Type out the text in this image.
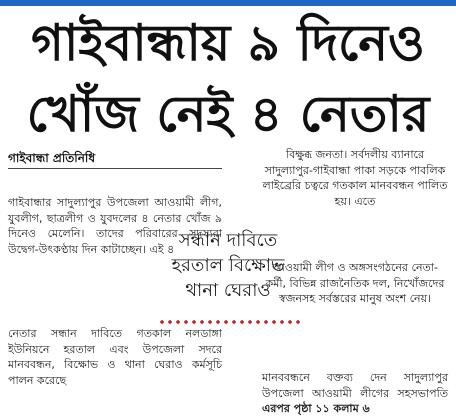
গাইবান্ধায় ৯ দিনেও
খোঁজ নেই ৪ নেতার
গাইবান্ধা প্রতিনিধি
গাইবান্ধার সাদুল্যাপুর উপজেলা আওয়ামী লীগ, যুবলীগ, ছাত্রলীগ ও যুবদলের ৪ নেতার খোঁজ ৯ দিনেও মেলেনি। তাদের পরিবারের সদস্যরা উদ্বেগ-উৎকণ্ঠায় দিন কাটাচ্ছেন। এই ৪
নেতার সন্ধান দাবিতে গতকাল নলডাঙ্গা ইউনিয়নে হরতাল এবং উপজেলা সদরে মানববন্ধন, বিক্ষোভ ও থানা ঘেরাও কর্মসূচি পালন করেছে
সন্ধান দাবিতে
হরতাল বিক্ষোভ
থানা ঘেরাও
বিক্ষুব্ধ জনতা। সর্বদলীয় ব্যানারে সাদুল্যাপুর-গাইবান্ধা পাকা সড়কে পাবলিক লাইব্রেরি চত্বরে গতকাল মানববন্ধন পালিত হয়। এতে
আওয়ামী লীগ ও অঙ্গসংগঠনের নেতা-কর্মী, বিভিন্ন রাজনৈতিক দল, নিখোঁজদের স্বজনসহ সর্বস্তরের মানুষ অংশ নেয়।
মানববন্ধনে বক্তব্য দেন সাদুল্যাপুর উপজেলা আওয়ামী লীগের সহসভাপতি এরপর পৃষ্ঠা ১১ কলাম ৬
